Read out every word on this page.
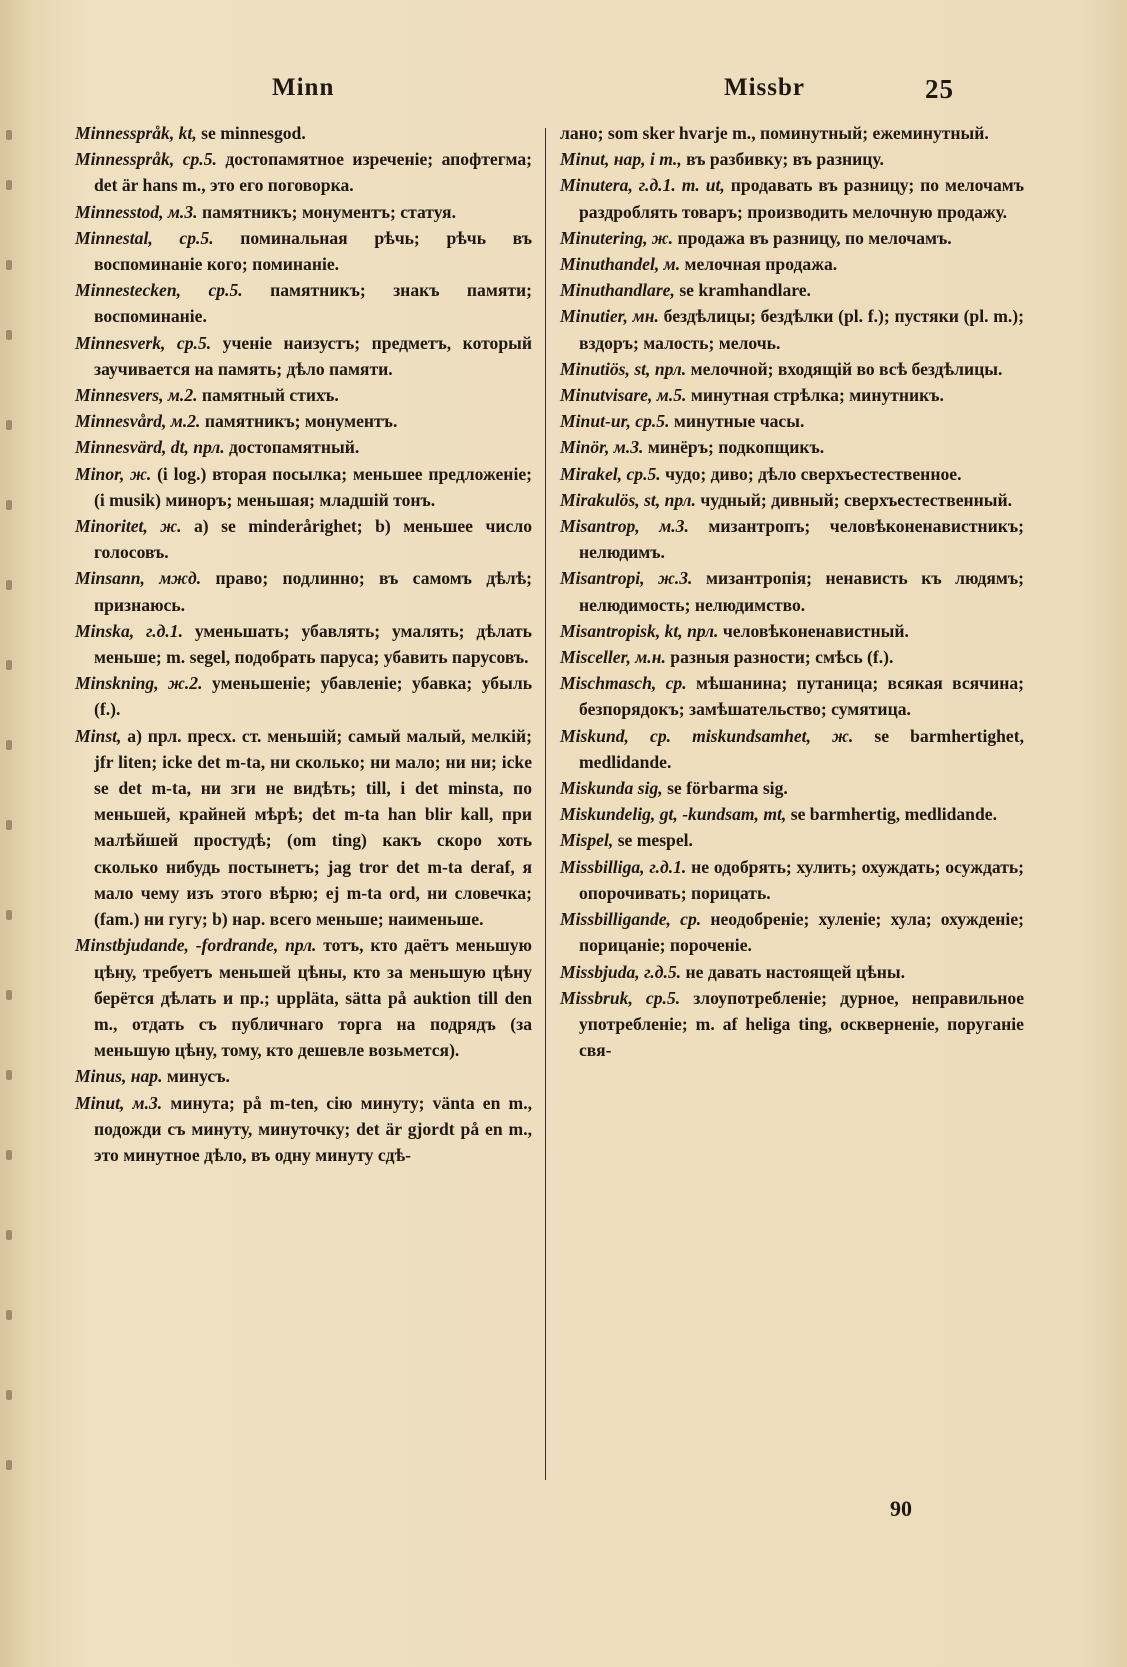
Minn	Missbr	25

Minnesspråk, kt, se minnesgod.

Minnesspråk, ср.5. достопамятное изреченіе; апофтегма; det är hans m., это его поговорка.

Minnesstod, м.3. памятникъ; монументъ; статуя.

Minnestal, ср.5. поминальная рѣчь; рѣчь въ воспоминаніе кого; поминаніе.

Minnestecken, ср.5. памятникъ; знакъ памяти; воспоминаніе.

Minnesverk, ср.5. ученіе наизустъ; предметъ, который заучивается на память; дѣло памяти.

Minnesvers, м.2. памятный стихъ.

Minnesvård, м.2. памятникъ; монументъ.

Minnesvärd, dt, прл. достопамятный.

Minor, ж. (i log.) вторая посылка; меньшее предложеніе; (i musik) миноръ; меньшая; младшій тонъ.

Minoritet, ж. a) se minderårighet; b) меньшее число голосовъ.

Minsann, мжд. право; подлинно; въ самомъ дѣлѣ; признаюсь.

Minska, г.д.1. уменьшать; убавлять; умалять; дѣлать меньше; m. segel, подобрать паруса; убавить парусовъ.

Minskning, ж.2. уменьшеніе; убавленіе; убавка; убыль (f.).

Minst, a) прл. пресх. ст. меньшій; самый малый, мелкій; jfr liten; icke det m-ta, ни сколько; ни мало; ни ни; icke se det m-ta, ни зги не видѣть; till, i det minsta, по меньшей, крайней мѣрѣ; det m-ta han blir kall, при малѣйшей простудѣ; (om ting) какъ скоро хоть сколько нибудь постынетъ; jag tror det m-ta deraf, я мало чему изъ этого вѣрю; ej m-ta ord, ни словечка; (fam.) ни гугу; b) нар. всего меньше; наименьше.

Minstbjudande, -fordrande, прл. тотъ, кто даётъ меньшую цѣну, требуетъ меньшей цѣны, кто за меньшую цѣну берётся дѣлать и пр.; uppläta, sätta på auktion till den m., отдать съ публичнаго торга на подрядъ (за меньшую цѣну, тому, кто дешевле возьмется).

Minus, нар. минусъ.

Minut, м.3. минута; på m-ten, сію минуту; vänta en m., подожди съ минуту, минуточку; det är gjordt på en m., это минутное дѣло, въ одну минуту сдѣ-

лано; som sker hvarje m., поминутный; ежеминутный.

Minut, нар, i m., въ разбивку; въ разницу.

Minutera, г.д.1. m. ut, продавать въ разницу; по мелочамъ раздроблять товаръ; производить мелочную продажу.

Minutering, ж. продажа въ разницу, по мелочамъ.

Minuthandel, м. мелочная продажа.

Minuthandlare, se kramhandlare.

Minutier, мн. бездѣлицы; бездѣлки (pl. f.); пустяки (pl. m.); вздоръ; малость; мелочь.

Minutiös, st, прл. мелочной; входящій во всѣ бездѣлицы.

Minutvisare, м.5. минутная стрѣлка; минутникъ.

Minut-ur, ср.5. минутные часы.

Minör, м.3. минёръ; подкопщикъ.

Mirakel, ср.5. чудо; диво; дѣло сверхъестественное.

Mirakulös, st, прл. чудный; дивный; сверхъестественный.

Misantrop, м.3. мизантропъ; человѣконенавистникъ; нелюдимъ.

Misantropi, ж.3. мизантропія; ненависть къ людямъ; нелюдимость; нелюдимство.

Misantropisk, kt, прл. человѣконенавистный.

Misceller, м.н. разныя разности; смѣсь (f.).

Mischmasch, ср. мѣшанина; путаница; всякая всячина; безпорядокъ; замѣшательство; сумятица.

Miskund, ср. miskundsamhet, ж. se barmhertighet, medlidande.

Miskunda sig, se förbarma sig.

Miskundelig, gt, -kundsam, mt, se barmhertig, medlidande.

Mispel, se mespel.

Missbilliga, г.д.1. не одобрять; хулить; охуждать; осуждать; опорочивать; порицать.

Missbilligande, ср. неодобреніе; хуленіе; хула; охужденіе; порицаніе; пороченіе.

Missbjuda, г.д.5. не давать настоящей цѣны.

Missbruk, ср.5. злоупотребленіе; дурное, неправильное употребленіе; m. af heliga ting, оскверненіе, поруганіе свя-

90
